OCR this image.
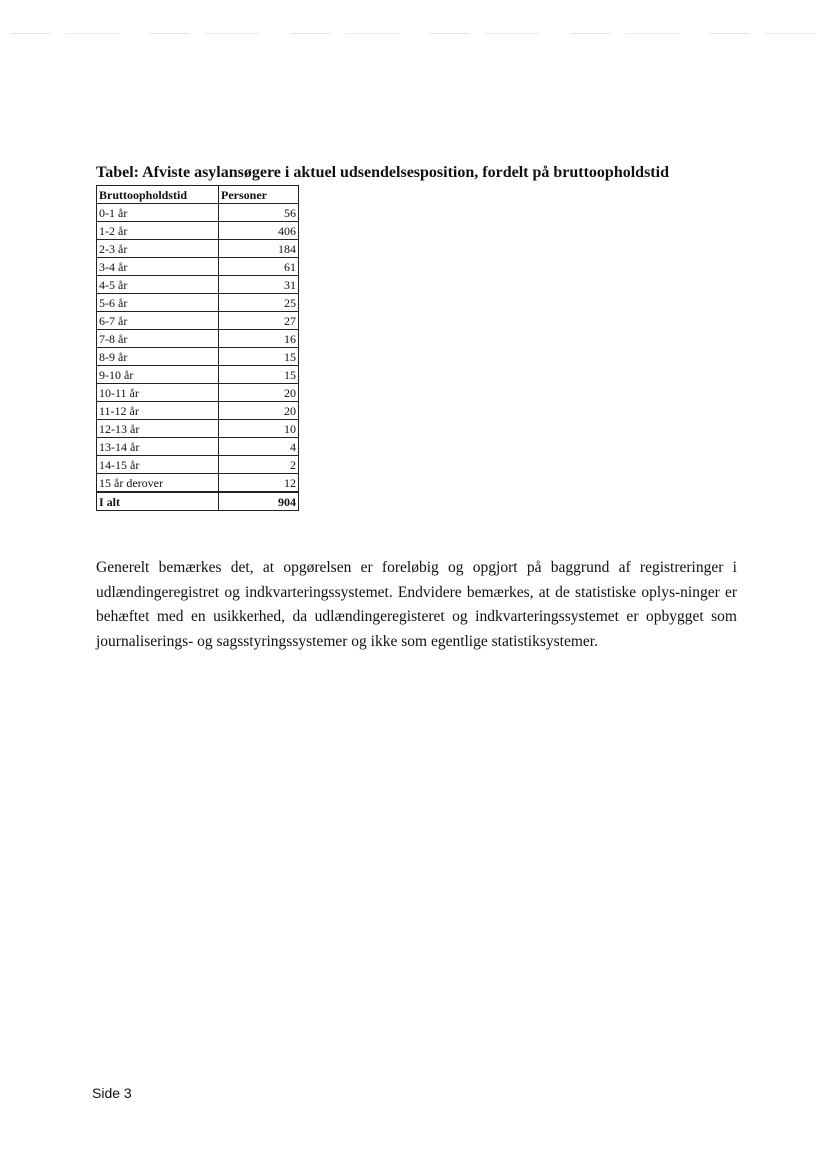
Tabel: Afviste asylansøgere i aktuel udsendelsesposition, fordelt på bruttoopholdstid
Bruttoopholdstid	Personer
0-1 år	56
1-2 år	406
2-3 år	184
3-4 år	61
4-5 år	31
5-6 år	25
6-7 år	27
7-8 år	16
8-9 år	15
9-10 år	15
10-11 år	20
11-12 år	20
12-13 år	10
13-14 år	4
14-15 år	2
15 år derover	12
I alt	904
Generelt bemærkes det, at opgørelsen er foreløbig og opgjort på baggrund af registreringer i udlændingeregistret og indkvarteringssystemet. Endvidere bemærkes, at de statistiske oplys-ninger er behæftet med en usikkerhed, da udlændingeregisteret og indkvarteringssystemet er opbygget som journaliserings- og sagsstyringssystemer og ikke som egentlige statistiksystemer.
Side 3
